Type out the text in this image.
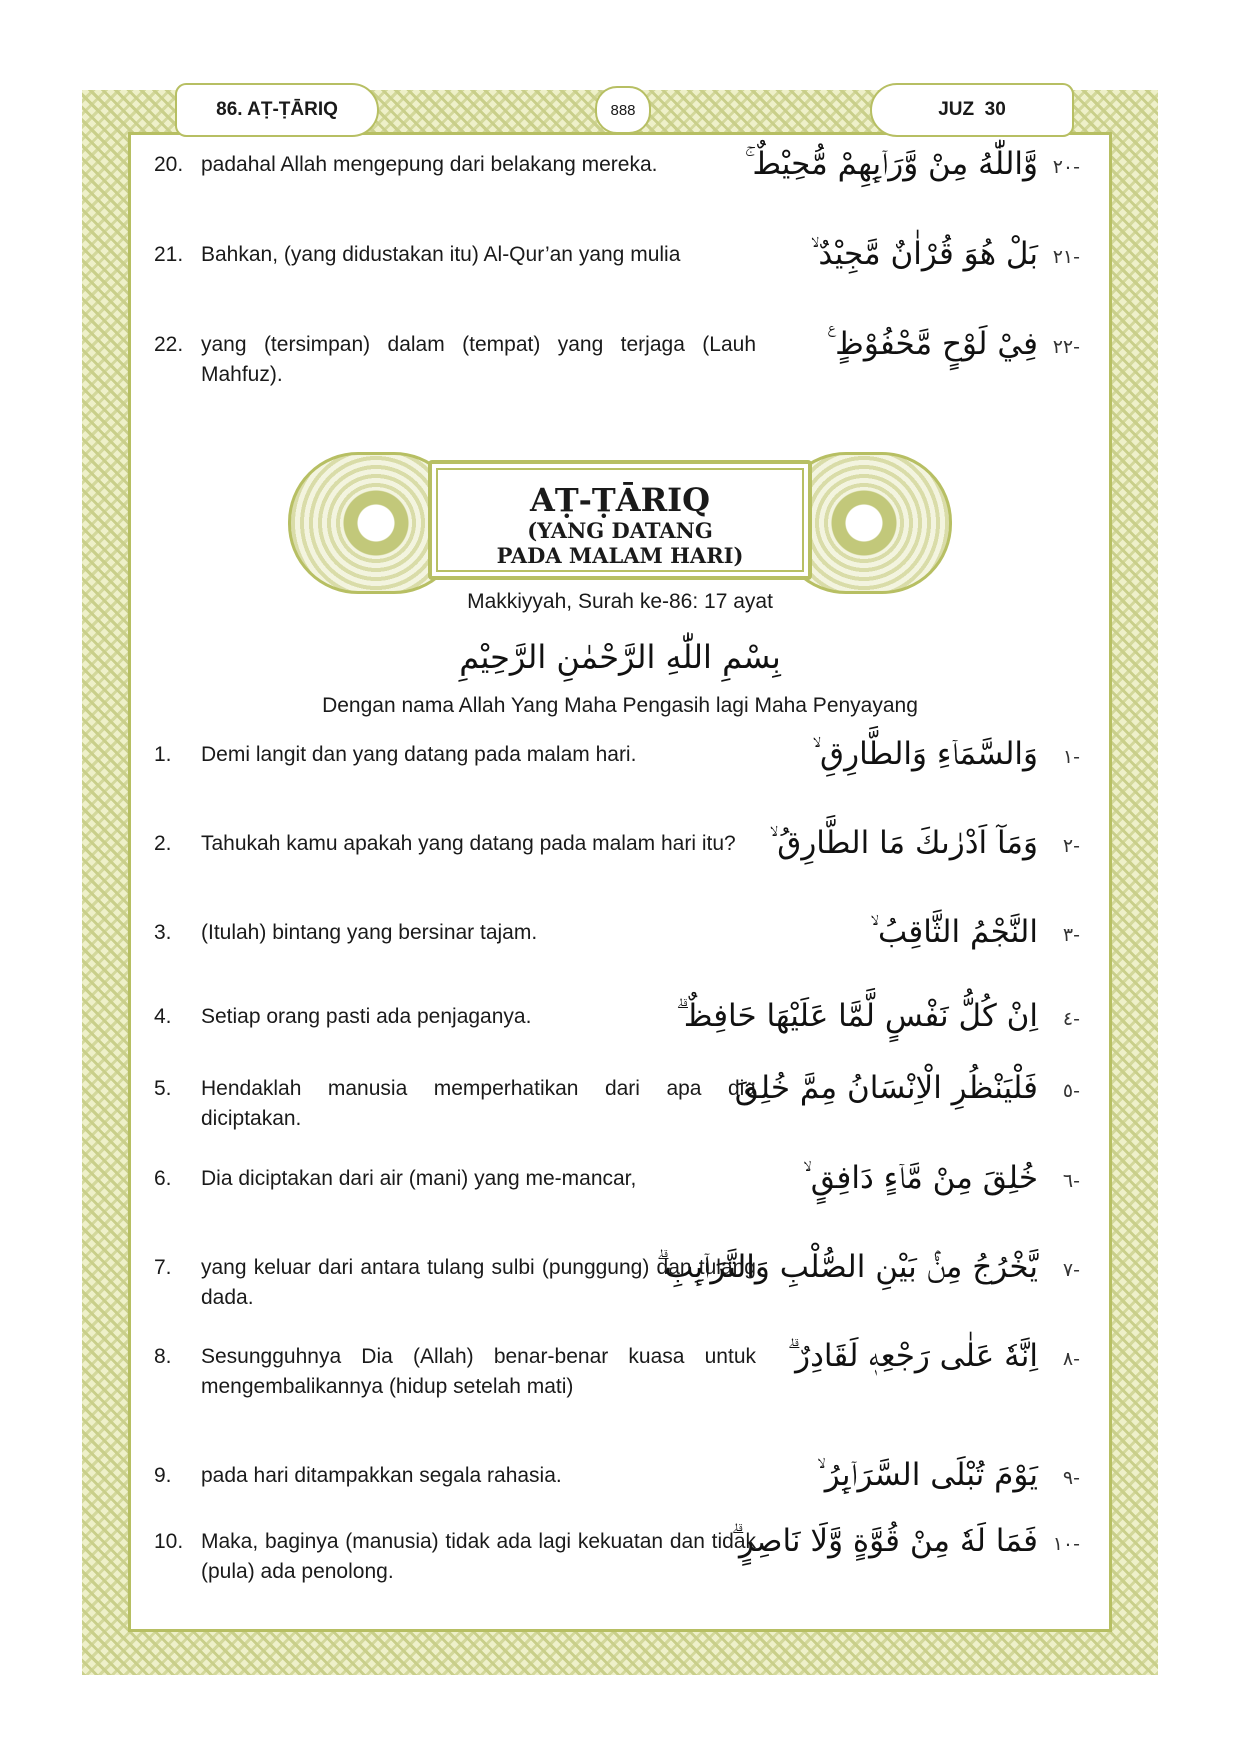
86. AṬ-ṬĀRIQ	888	JUZ  30
20. padahal Allah mengepung dari belakang mereka.	-٢٠
وَّاللّٰهُ مِنْ وَّرَاۤىِٕهِمْ مُّحِيْطٌ ۚ
21. Bahkan, (yang didustakan itu) Al-Qur’an yang mulia	-٢١
بَلْ هُوَ قُرْاٰنٌ مَّجِيْدٌ ۙ
22. yang (tersimpan) dalam (tempat) yang terjaga (Lauh Mahfuz).
-٢٢
فِيْ لَوْحٍ مَّحْفُوْظٍ ࣖ
AṬ-ṬĀRIQ
(YANG DATANG
PADA MALAM HARI)
Makkiyyah, Surah ke-86: 17 ayat
بِسْمِ اللّٰهِ الرَّحْمٰنِ الرَّحِيْمِ
Dengan nama Allah Yang Maha Pengasih lagi Maha Penyayang
1. Demi langit dan yang datang pada malam hari.	-١
وَالسَّمَاۤءِ وَالطَّارِقِ ۙ
2. Tahukah kamu apakah yang datang pada malam hari itu?	-٢
وَمَآ اَدْرٰىكَ مَا الطَّارِقُ ۙ
3. (Itulah) bintang yang bersinar tajam.	-٣
النَّجْمُ الثَّاقِبُ ۙ
4. Setiap orang pasti ada penjaganya.	-٤
اِنْ كُلُّ نَفْسٍ لَّمَّا عَلَيْهَا حَافِظٌ ۗ
5. Hendaklah manusia memperhatikan dari apa dia diciptakan.
-٥
فَلْيَنْظُرِ الْاِنْسَانُ مِمَّ خُلِقَ
6. Dia diciptakan dari air (mani) yang me-mancar,	-٦
خُلِقَ مِنْ مَّاۤءٍ دَافِقٍ ۙ
7. yang keluar dari antara tulang sulbi (punggung) dan tulang dada.
-٧
يَّخْرُجُ مِنْۢ بَيْنِ الصُّلْبِ وَالتَّرَاۤىِٕبِ ۗ
8. Sesungguhnya Dia (Allah) benar-benar kuasa untuk mengembalikannya (hidup setelah mati)
-٨
اِنَّهٗ عَلٰى رَجْعِهٖ لَقَادِرٌ ۗ
9. pada hari ditampakkan segala rahasia.	-٩
يَوْمَ تُبْلَى السَّرَاۤىِٕرُ ۙ
10. Maka, baginya (manusia) tidak ada lagi kekuatan dan tidak (pula) ada penolong.
-١٠
فَمَا لَهٗ مِنْ قُوَّةٍ وَّلَا نَاصِرٍ ۗ
